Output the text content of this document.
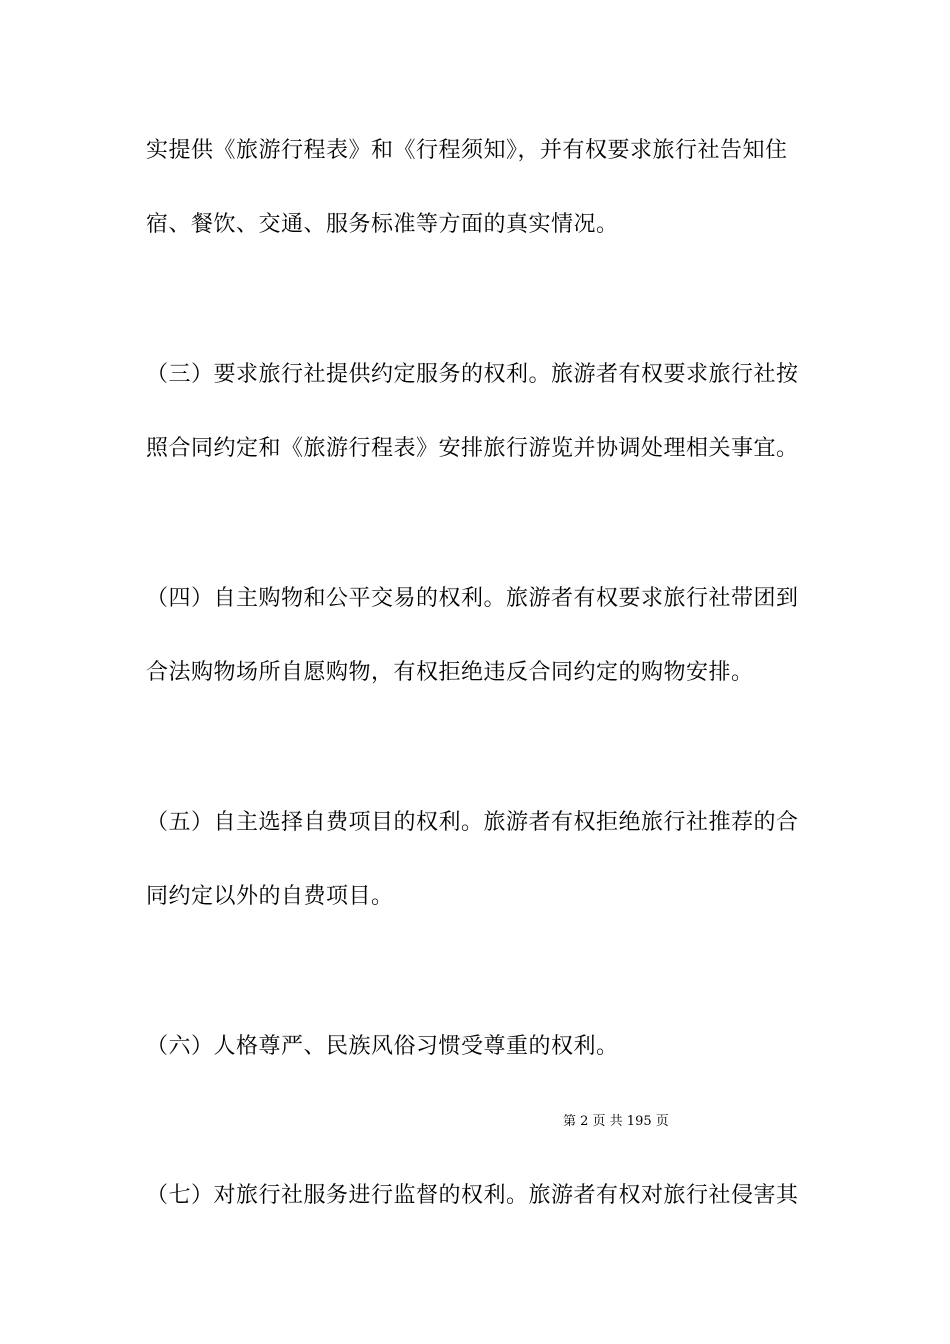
实提供《旅游行程表》和《行程须知》，并有权要求旅行社告知住

宿、餐饮、交通、服务标准等方面的真实情况。

（三）要求旅行社提供约定服务的权利。旅游者有权要求旅行社按

照合同约定和《旅游行程表》安排旅行游览并协调处理相关事宜。

（四）自主购物和公平交易的权利。旅游者有权要求旅行社带团到

合法购物场所自愿购物，有权拒绝违反合同约定的购物安排。

（五）自主选择自费项目的权利。旅游者有权拒绝旅行社推荐的合

同约定以外的自费项目。

（六）人格尊严、民族风俗习惯受尊重的权利。

第 2 页 共 195 页

（七）对旅行社服务进行监督的权利。旅游者有权对旅行社侵害其
